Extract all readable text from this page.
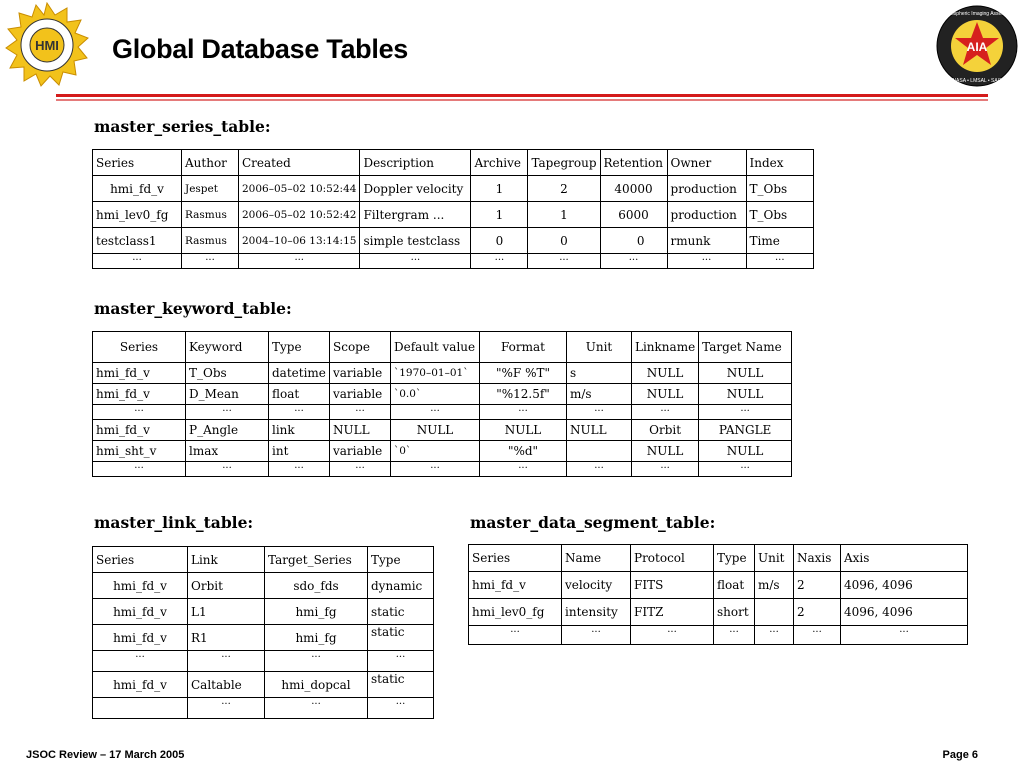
HMI	AIA
Atmospheric Imaging Assembly
NASA • LMSAL • SAO
Global Database Tables
master_series_table:
Series	Author	Created	Description	Archive	Tapegroup	Retention	Owner	Index
hmi_fd_v	Jespet	2006–05–02 10:52:44	Doppler velocity	1	2	40000	production	T_Obs
hmi_lev0_fg	Rasmus	2006–05–02 10:52:42	Filtergram ...	1	1	6000	production	T_Obs
testclass1	Rasmus	2004–10–06 13:14:15	simple testclass	0	0	0	rmunk	Time
...	...	...	...	...	...	...	...	...
master_keyword_table:
Series	Keyword	Type	Scope	Default value	Format	Unit	Linkname	Target Name
hmi_fd_v	T_Obs	datetime	variable	`1970–01–01`	"%F %T"	s	NULL	NULL
hmi_fd_v	D_Mean	float	variable	`0.0`	"%12.5f"	m/s	NULL	NULL
...	...	...	...	...	...	...	...	...
hmi_fd_v	P_Angle	link	NULL	NULL	NULL	NULL	Orbit	PANGLE
hmi_sht_v	lmax	int	variable	`0`	"%d"		NULL	NULL
...	...	...	...	...	...	...	...	...
master_link_table:
Series	Link	Target_Series	Type
hmi_fd_v	Orbit	sdo_fds	dynamic
hmi_fd_v	L1	hmi_fg	static
hmi_fd_v	R1	hmi_fg	static
...	...	...	...
hmi_fd_v	Caltable	hmi_dopcal	static
	...	...	...
master_data_segment_table:
Series	Name	Protocol	Type	Unit	Naxis	Axis
hmi_fd_v	velocity	FITS	float	m/s	2	4096, 4096
hmi_lev0_fg	intensity	FITZ	short		2	4096, 4096
...	...	...	...	...	...	...
JSOC Review – 17 March 2005	Page 6
